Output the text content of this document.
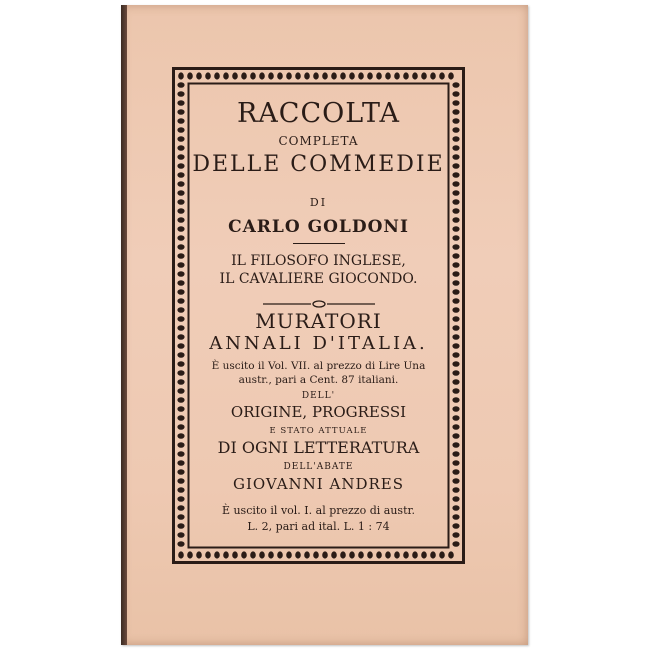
RACCOLTA
COMPLETA
DELLE COMMEDIE
DI
CARLO GOLDONI
IL FILOSOFO INGLESE,
IL CAVALIERE GIOCONDO.
MURATORI
ANNALI D'ITALIA.
È uscito il Vol. VII. al prezzo di Lire Una
austr., pari a Cent. 87 italiani.
DELL'
ORIGINE, PROGRESSI
E STATO ATTUALE
DI OGNI LETTERATURA
DELL'ABATE
GIOVANNI ANDRES
È uscito il vol. I. al prezzo di austr.
L. 2, pari ad ital. L. 1 : 74
